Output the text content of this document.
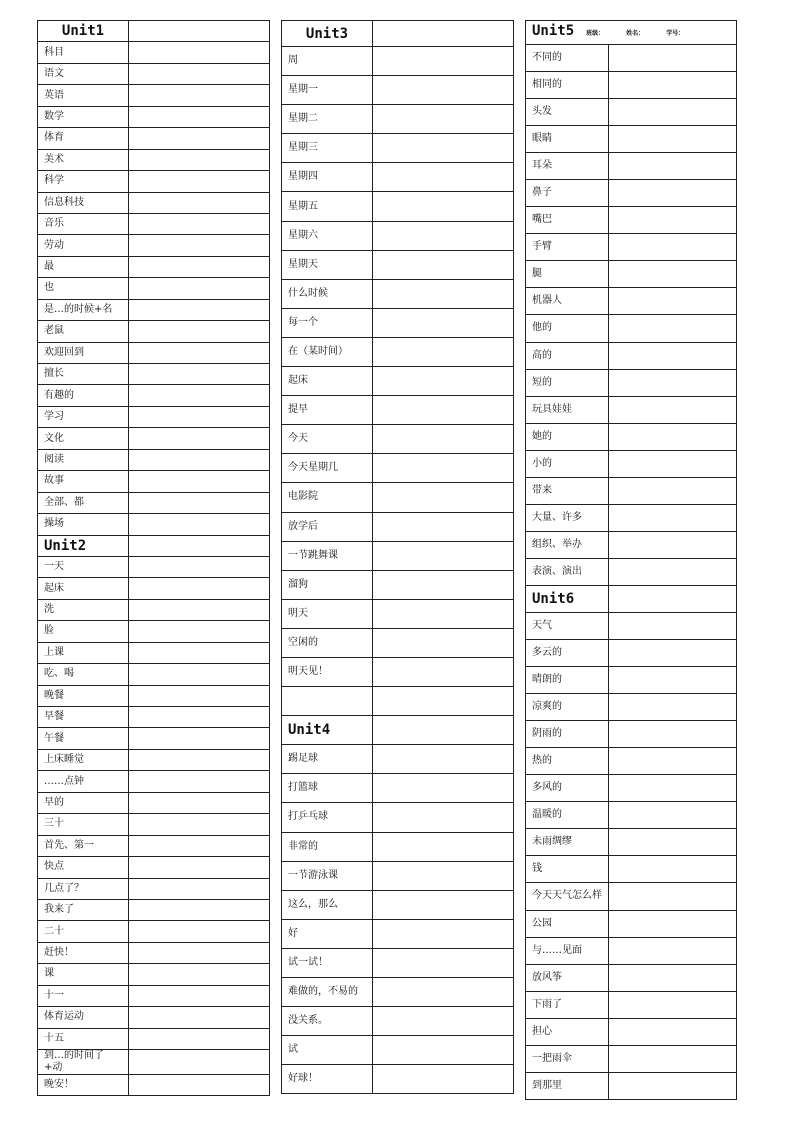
Unit1	
科目	
语文	
英语	
数学	
体育	
美术	
科学	
信息科技	
音乐	
劳动	
最	
也	
是…的时候+名	
老鼠	
欢迎回到	
擅长	
有趣的	
学习	
文化	
阅读	
故事	
全部、都	
操场	
Unit2	
一天	
起床	
洗	
脸	
上课	
吃、喝	
晚餐	
早餐	
午餐	
上床睡觉	
……点钟	
早的	
三十	
首先、第一	
快点	
几点了？	
我来了	
二十	
赶快！	
课	
十一	
体育运动	
十五	
到…的时间了+动	
晚安！	
Unit3	
周	
星期一	
星期二	
星期三	
星期四	
星期五	
星期六	
星期天	
什么时候	
每一个	
在（某时间）	
起床	
提早	
今天	
今天星期几	
电影院	
放学后	
一节跳舞课	
溜狗	
明天	
空闲的	
明天见！	

Unit4	
踢足球	
打篮球	
打乒乓球	
非常的	
一节游泳课	
这么，那么	
好	
试一试！	
难做的，不易的	
没关系。	
试	
好球！	
Unit5 班级： 姓名： 学号：	
不同的	
相同的	
头发	
眼睛	
耳朵	
鼻子	
嘴巴	
手臂	
腿	
机器人	
他的	
高的	
短的	
玩具娃娃	
她的	
小的	
带来	
大量、许多	
组织、举办	
表演、演出	
Unit6	
天气	
多云的	
晴朗的	
凉爽的	
阴雨的	
热的	
多风的	
温暖的	
未雨绸缪	
钱	
今天天气怎么样	
公园	
与……见面	
放风筝	
下雨了	
担心	
一把雨伞	
到那里	
